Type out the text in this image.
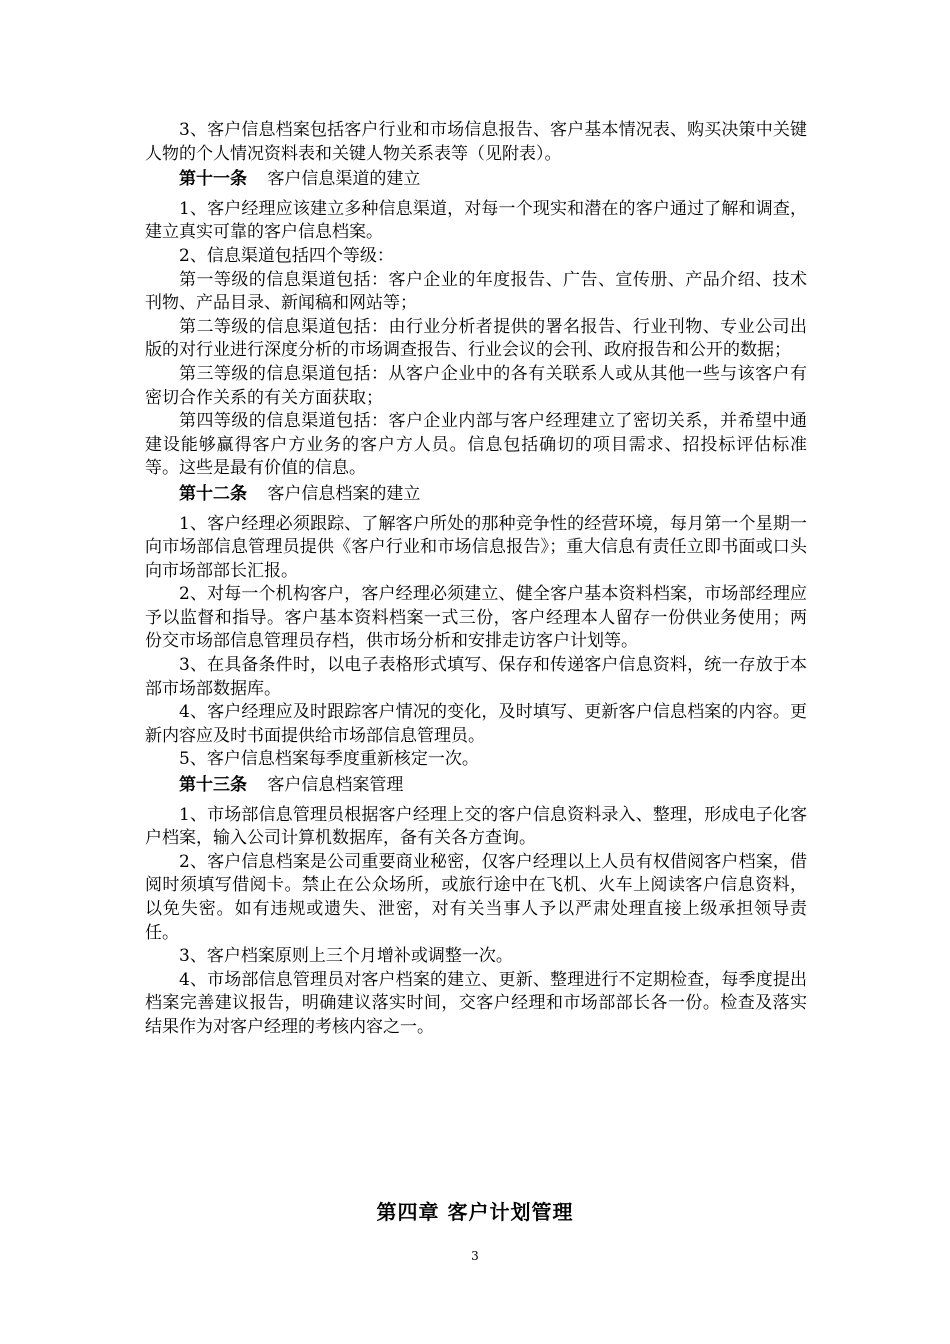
3、客户信息档案包括客户行业和市场信息报告、客户基本情况表、购买决策中关键人物的个人情况资料表和关键人物关系表等（见附表）。

第十一条 客户信息渠道的建立

1、客户经理应该建立多种信息渠道，对每一个现实和潜在的客户通过了解和调查，建立真实可靠的客户信息档案。

2、信息渠道包括四个等级：

第一等级的信息渠道包括：客户企业的年度报告、广告、宣传册、产品介绍、技术刊物、产品目录、新闻稿和网站等；

第二等级的信息渠道包括：由行业分析者提供的署名报告、行业刊物、专业公司出版的对行业进行深度分析的市场调查报告、行业会议的会刊、政府报告和公开的数据；

第三等级的信息渠道包括：从客户企业中的各有关联系人或从其他一些与该客户有密切合作关系的有关方面获取；

第四等级的信息渠道包括：客户企业内部与客户经理建立了密切关系，并希望中通建设能够赢得客户方业务的客户方人员。信息包括确切的项目需求、招投标评估标准等。这些是最有价值的信息。

第十二条 客户信息档案的建立

1、客户经理必须跟踪、了解客户所处的那种竞争性的经营环境，每月第一个星期一向市场部信息管理员提供《客户行业和市场信息报告》；重大信息有责任立即书面或口头向市场部部长汇报。

2、对每一个机构客户，客户经理必须建立、健全客户基本资料档案，市场部经理应予以监督和指导。客户基本资料档案一式三份，客户经理本人留存一份供业务使用；两份交市场部信息管理员存档，供市场分析和安排走访客户计划等。

3、在具备条件时，以电子表格形式填写、保存和传递客户信息资料，统一存放于本部市场部数据库。

4、客户经理应及时跟踪客户情况的变化，及时填写、更新客户信息档案的内容。更新内容应及时书面提供给市场部信息管理员。

5、客户信息档案每季度重新核定一次。

第十三条 客户信息档案管理

1、市场部信息管理员根据客户经理上交的客户信息资料录入、整理，形成电子化客户档案，输入公司计算机数据库，备有关各方查询。

2、客户信息档案是公司重要商业秘密，仅客户经理以上人员有权借阅客户档案，借阅时须填写借阅卡。禁止在公众场所，或旅行途中在飞机、火车上阅读客户信息资料，以免失密。如有违规或遗失、泄密，对有关当事人予以严肃处理直接上级承担领导责任。

3、客户档案原则上三个月增补或调整一次。

4、市场部信息管理员对客户档案的建立、更新、整理进行不定期检查，每季度提出档案完善建议报告，明确建议落实时间，交客户经理和市场部部长各一份。检查及落实结果作为对客户经理的考核内容之一。

第四章 客户计划管理
3
